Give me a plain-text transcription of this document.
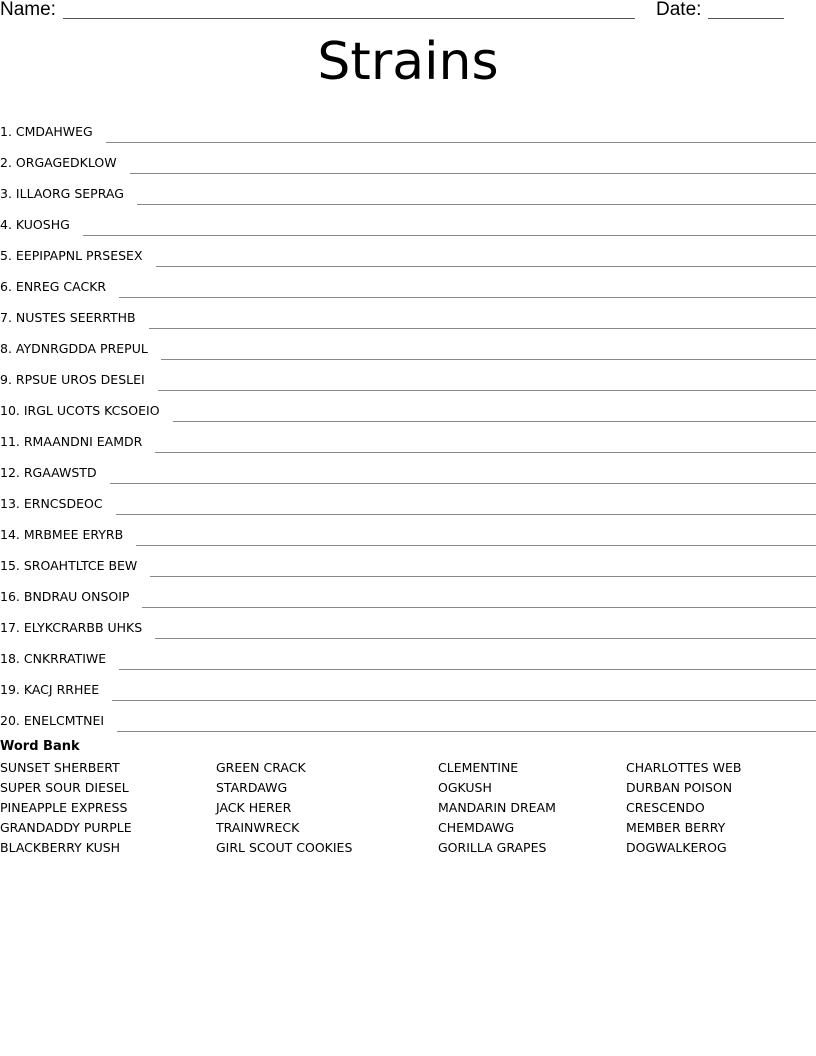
Name:	Date:
Strains
1.
CMDAHWEG
2.
ORGAGEDKLOW
3.
ILLAORG SEPRAG
4.
KUOSHG
5.
EEPIPAPNL PRSESEX
6.
ENREG CACKR
7.
NUSTES SEERRTHB
8.
AYDNRGDDA PREPUL
9.
RPSUE UROS DESLEI
10.
IRGL UCOTS KCSOEIO
11.
RMAANDNI EAMDR
12.
RGAAWSTD
13.
ERNCSDEOC
14.
MRBMEE ERYRB
15.
SROAHTLTCE BEW
16.
BNDRAU ONSOIP
17.
ELYKCRARBB UHKS
18.
CNKRRATIWE
19.
KACJ RRHEE
20.
ENELCMTNEI
Word Bank
SUNSET SHERBERT
SUPER SOUR DIESEL
PINEAPPLE EXPRESS
GRANDADDY PURPLE
BLACKBERRY KUSH
GREEN CRACK
STARDAWG
JACK HERER
TRAINWRECK
GIRL SCOUT COOKIES
CLEMENTINE
OGKUSH
MANDARIN DREAM
CHEMDAWG
GORILLA GRAPES
CHARLOTTES WEB
DURBAN POISON
CRESCENDO
MEMBER BERRY
DOGWALKEROG
